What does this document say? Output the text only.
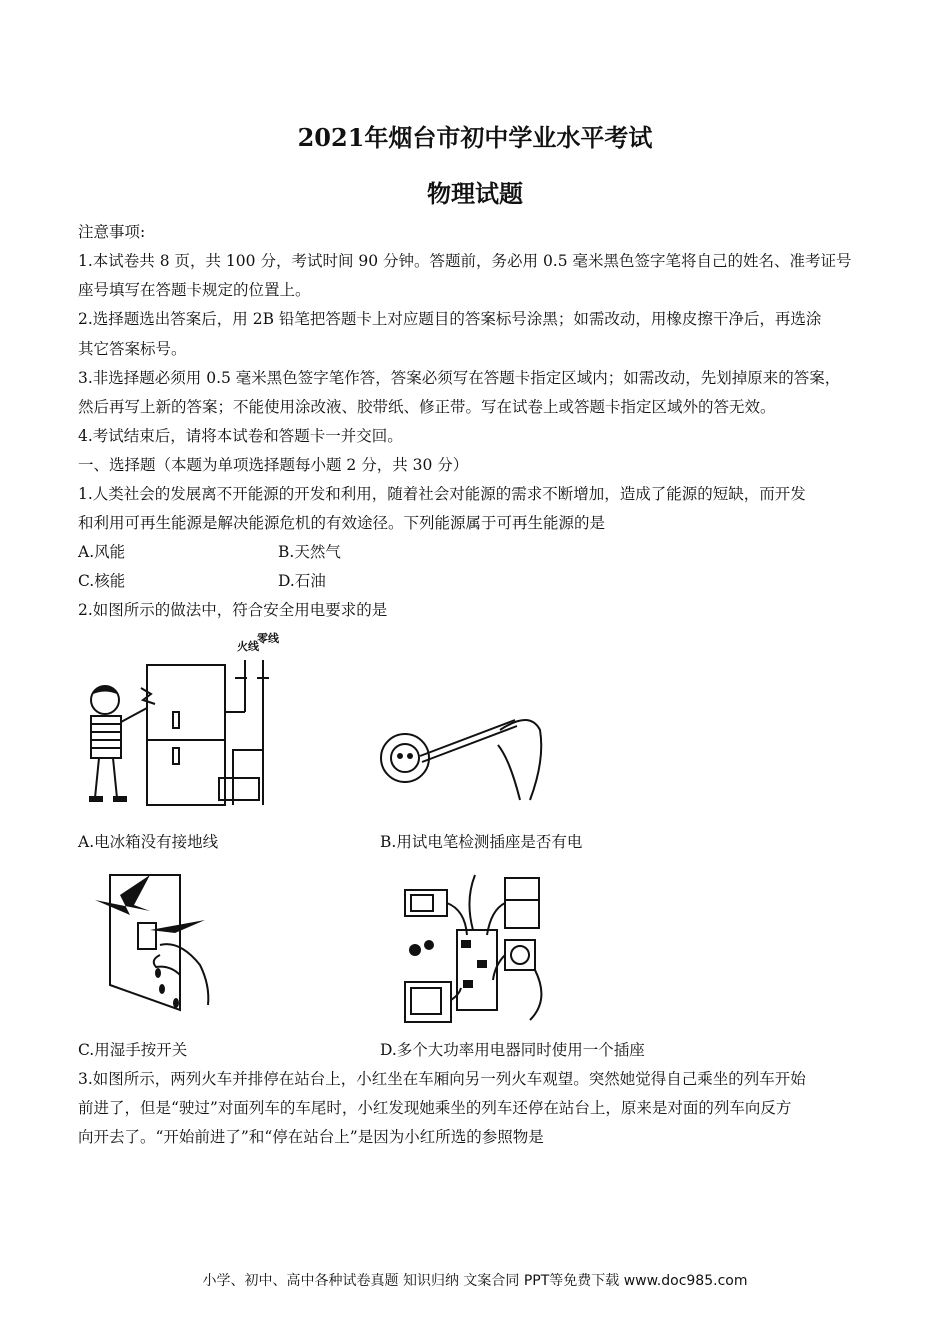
2021年烟台市初中学业水平考试
物理试题
注意事项:
1.本试卷共 8 页，共 100 分，考试时间 90 分钟。答题前，务必用 0.5 毫米黑色签字笔将自己的姓名、准考证号
座号填写在答题卡规定的位置上。
2.选择题选出答案后，用 2B 铅笔把答题卡上对应题目的答案标号涂黑；如需改动，用橡皮擦干净后，再选涂
其它答案标号。
3.非选择题必须用 0.5 毫米黑色签字笔作答，答案必须写在答题卡指定区域内；如需改动，先划掉原来的答案，
然后再写上新的答案；不能使用涂改液、胶带纸、修正带。写在试卷上或答题卡指定区域外的答无效。
4.考试结束后，请将本试卷和答题卡一并交回。
一、选择题（本题为单项选择题每小题 2 分，共 30 分）
1.人类社会的发展离不开能源的开发和利用，随着社会对能源的需求不断增加，造成了能源的短缺，而开发
和利用可再生能源是解决能源危机的有效途径。下列能源属于可再生能源的是
A.风能	B.天然气
C.核能	D.石油
2.如图所示的做法中，符合安全用电要求的是
火线
零线
A.电冰箱没有接地线	B.用试电笔检测插座是否有电
C.用湿手按开关	D.多个大功率用电器同时使用一个插座
3.如图所示，两列火车并排停在站台上，小红坐在车厢向另一列火车观望。突然她觉得自己乘坐的列车开始
前进了，但是“驶过”对面列车的车尾时，小红发现她乘坐的列车还停在站台上，原来是对面的列车向反方
向开去了。“开始前进了”和“停在站台上”是因为小红所选的参照物是
小学、初中、高中各种试卷真题 知识归纳 文案合同 PPT等免费下载 www.doc985.com
